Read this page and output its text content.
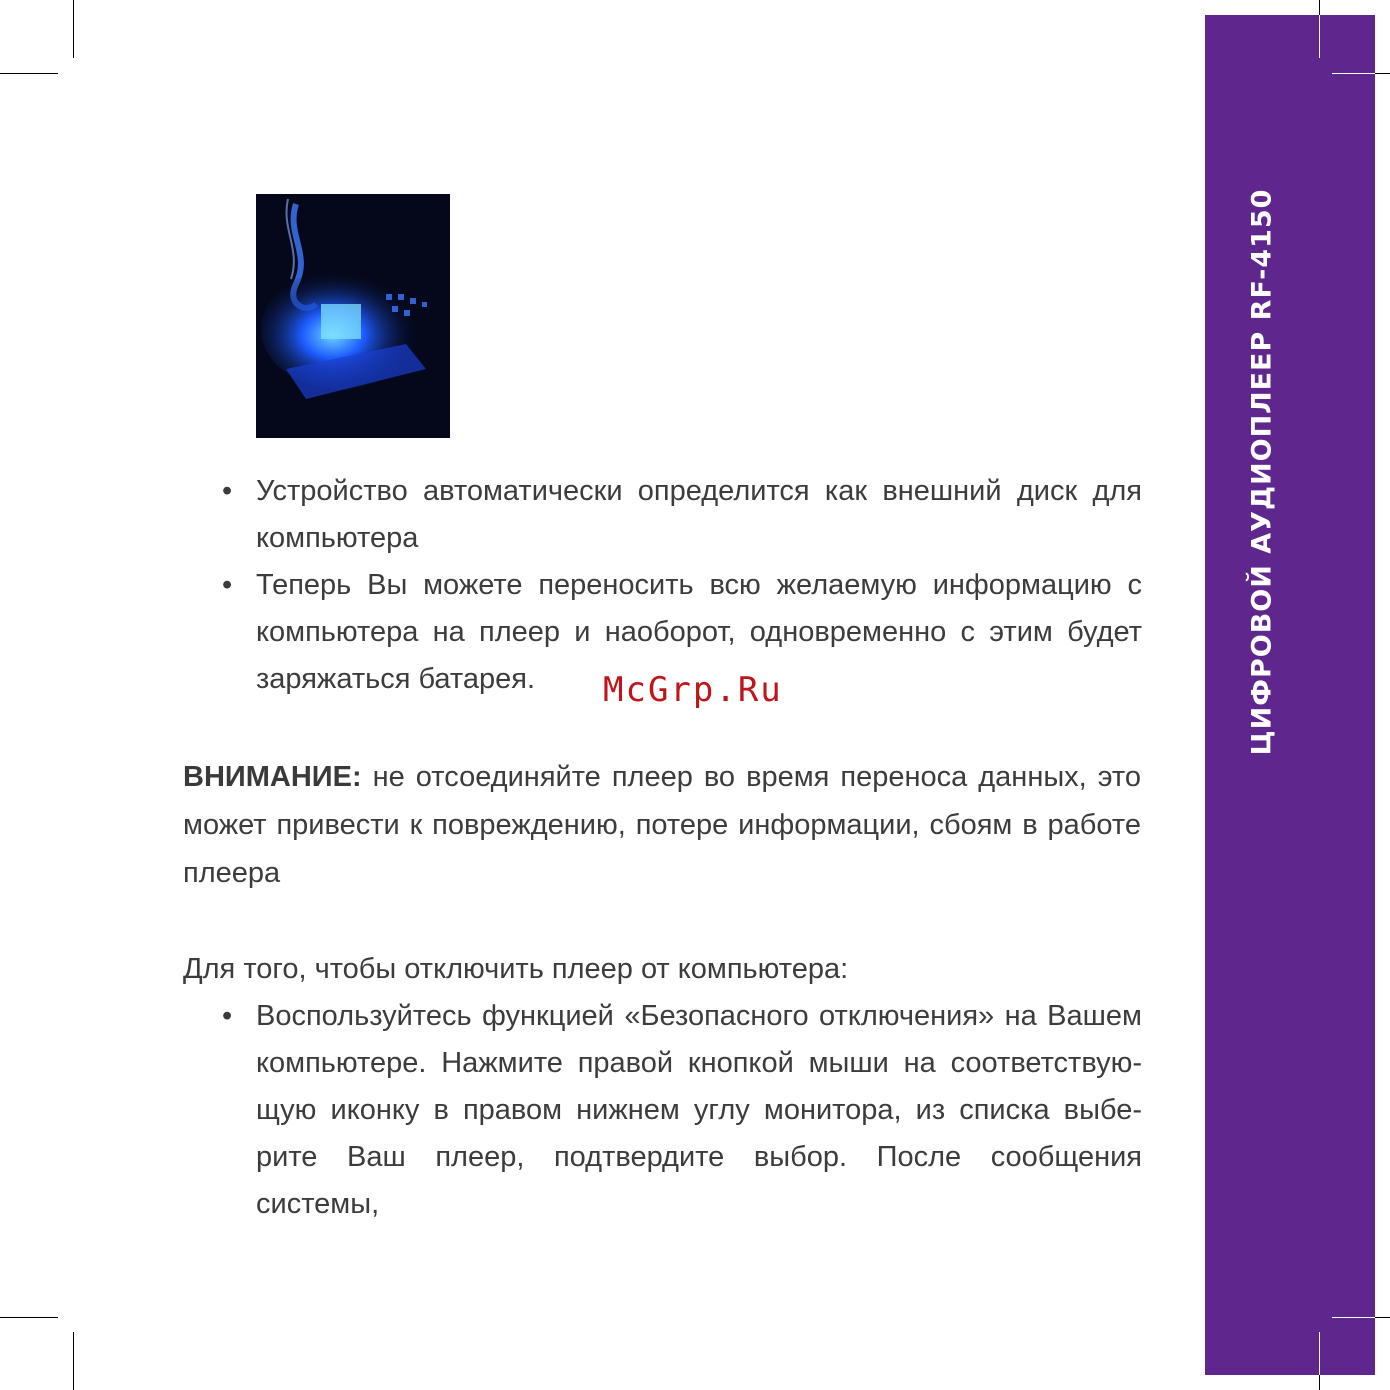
ЦИФРОВОЙ АУДИОПЛЕЕР RF-4150
• Устройство автоматически определится как внешний диск для компьютера
• Теперь Вы можете переносить всю желаемую информацию с компьютера на плеер и наоборот, одновременно с этим будет заряжаться батарея.	McGrp.Ru
ВНИМАНИЕ: не отсоединяйте плеер во время переноса данных, это может привести к повреждению, потере информации, сбоям в работе плеера
Для того, чтобы отключить плеер от компьютера:
• Воспользуйтесь функцией «Безопасного отключения» на Вашем компьютере. Нажмите правой кнопкой мыши на соответствую-щую иконку в правом нижнем углу монитора, из списка выбе-рите Ваш плеер, подтвердите выбор. После сообщения системы,
